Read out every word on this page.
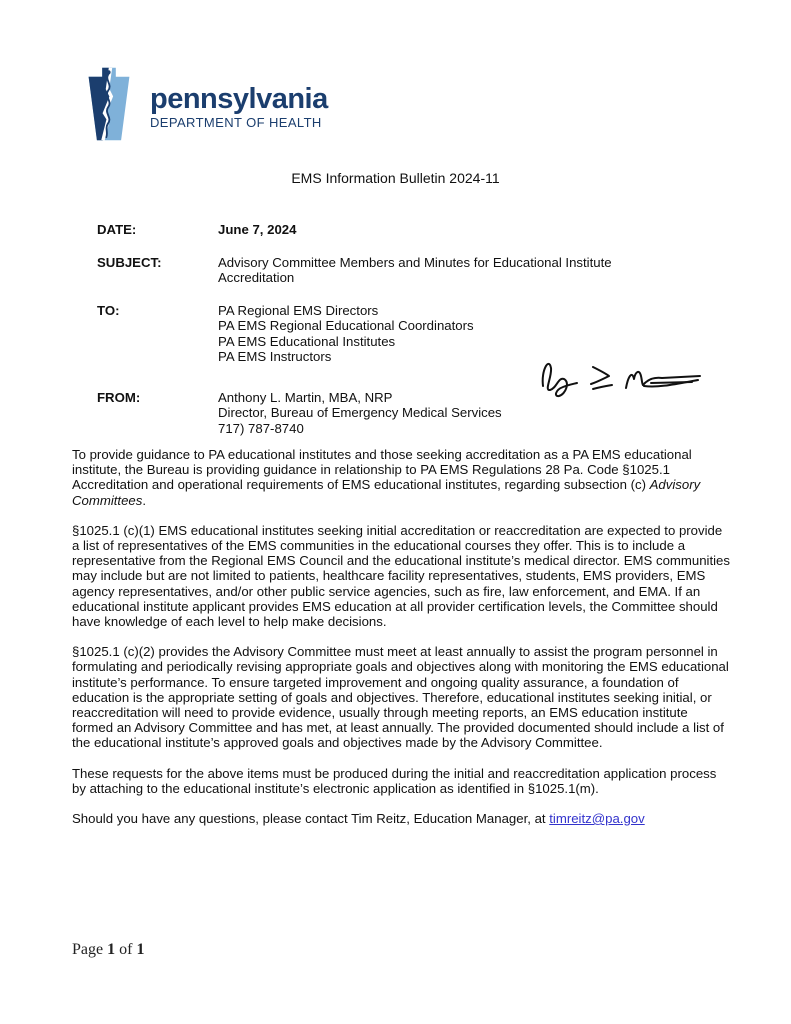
pennsylvania
DEPARTMENT OF HEALTH
EMS Information Bulletin 2024-11
DATE:	June 7, 2024
SUBJECT:	Advisory Committee Members and Minutes for Educational Institute Accreditation
TO:	PA Regional EMS Directors
PA EMS Regional Educational Coordinators
PA EMS Educational Institutes
PA EMS Instructors
FROM:	Anthony L. Martin, MBA, NRP
Director, Bureau of Emergency Medical Services
717) 787-8740

To provide guidance to PA educational institutes and those seeking accreditation as a PA EMS educational institute, the Bureau is providing guidance in relationship to PA EMS Regulations 28 Pa. Code §1025.1 Accreditation and operational requirements of EMS educational institutes, regarding subsection (c) Advisory Committees.

§1025.1 (c)(1) EMS educational institutes seeking initial accreditation or reaccreditation are expected to provide a list of representatives of the EMS communities in the educational courses they offer. This is to include a representative from the Regional EMS Council and the educational institute’s medical director. EMS communities may include but are not limited to patients, healthcare facility representatives, students, EMS providers, EMS agency representatives, and/or other public service agencies, such as fire, law enforcement, and EMA. If an educational institute applicant provides EMS education at all provider certification levels, the Committee should have knowledge of each level to help make decisions.

§1025.1 (c)(2) provides the Advisory Committee must meet at least annually to assist the program personnel in formulating and periodically revising appropriate goals and objectives along with monitoring the EMS educational institute’s performance. To ensure targeted improvement and ongoing quality assurance, a foundation of education is the appropriate setting of goals and objectives. Therefore, educational institutes seeking initial, or reaccreditation will need to provide evidence, usually through meeting reports, an EMS education institute formed an Advisory Committee and has met, at least annually. The provided documented should include a list of the educational institute’s approved goals and objectives made by the Advisory Committee.

These requests for the above items must be produced during the initial and reaccreditation application process by attaching to the educational institute’s electronic application as identified in §1025.1(m).

Should you have any questions, please contact Tim Reitz, Education Manager, at timreitz@pa.gov

Page 1 of 1
